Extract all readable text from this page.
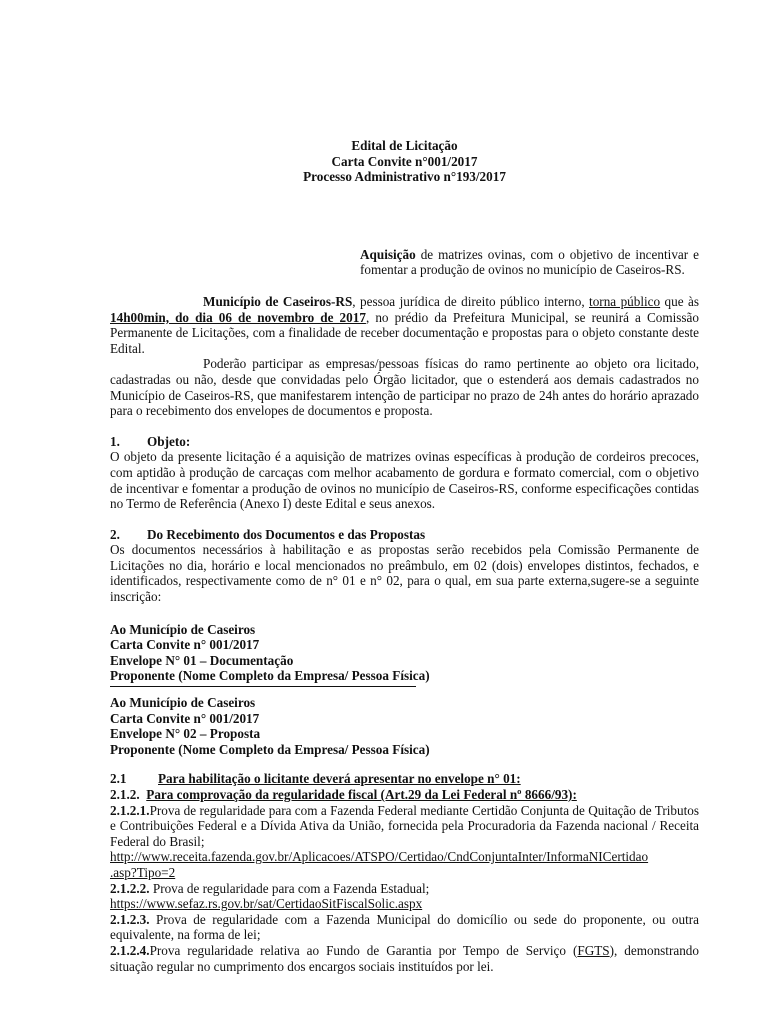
Edital de Licitação

Carta Convite n°001/2017

Processo Administrativo n°193/2017

Aquisição de matrizes ovinas, com o objetivo de incentivar e fomentar a produção de ovinos no município de Caseiros-RS.

Município de Caseiros-RS, pessoa jurídica de direito público interno, torna público que às 14h00min, do dia 06 de novembro de 2017, no prédio da Prefeitura Municipal, se reunirá a Comissão Permanente de Licitações, com a finalidade de receber documentação e propostas para o objeto constante deste Edital.

Poderão participar as empresas/pessoas físicas do ramo pertinente ao objeto ora licitado, cadastradas ou não, desde que convidadas pelo Órgão licitador, que o estenderá aos demais cadastrados no Município de Caseiros-RS, que manifestarem intenção de participar no prazo de 24h antes do horário aprazado para o recebimento dos envelopes de documentos e proposta.

1. Objeto:

O objeto da presente licitação é a aquisição de matrizes ovinas específicas à produção de cordeiros precoces, com aptidão à produção de carcaças com melhor acabamento de gordura e formato comercial, com o objetivo de incentivar e fomentar a produção de ovinos no município de Caseiros-RS, conforme especificações contidas no Termo de Referência (Anexo I) deste Edital e seus anexos.

2. Do Recebimento dos Documentos e das Propostas

Os documentos necessários à habilitação e as propostas serão recebidos pela Comissão Permanente de Licitações no dia, horário e local mencionados no preâmbulo, em 02 (dois) envelopes distintos, fechados, e identificados, respectivamente como de n° 01 e n° 02, para o qual, em sua parte externa,sugere-se a seguinte inscrição:

Ao Município de Caseiros

Carta Convite n° 001/2017

Envelope N° 01 – Documentação

Proponente (Nome Completo da Empresa/ Pessoa Física)

Ao Município de Caseiros

Carta Convite n° 001/2017

Envelope N° 02 – Proposta

Proponente (Nome Completo da Empresa/ Pessoa Física)

2.1 Para habilitação o licitante deverá apresentar no envelope n° 01:

2.1.2. Para comprovação da regularidade fiscal (Art.29 da Lei Federal nº 8666/93):

2.1.2.1.Prova de regularidade para com a Fazenda Federal mediante Certidão Conjunta de Quitação de Tributos e Contribuições Federal e a Dívida Ativa da União, fornecida pela Procuradoria da Fazenda nacional / Receita Federal do Brasil;

http://www.receita.fazenda.gov.br/Aplicacoes/ATSPO/Certidao/CndConjuntaInter/InformaNICertidao
.asp?Tipo=2

2.1.2.2. Prova de regularidade para com a Fazenda Estadual;

https://www.sefaz.rs.gov.br/sat/CertidaoSitFiscalSolic.aspx

2.1.2.3. Prova de regularidade com a Fazenda Municipal do domicílio ou sede do proponente, ou outra equivalente, na forma de lei;

2.1.2.4.Prova regularidade relativa ao Fundo de Garantia por Tempo de Serviço (FGTS), demonstrando situação regular no cumprimento dos encargos sociais instituídos por lei.
